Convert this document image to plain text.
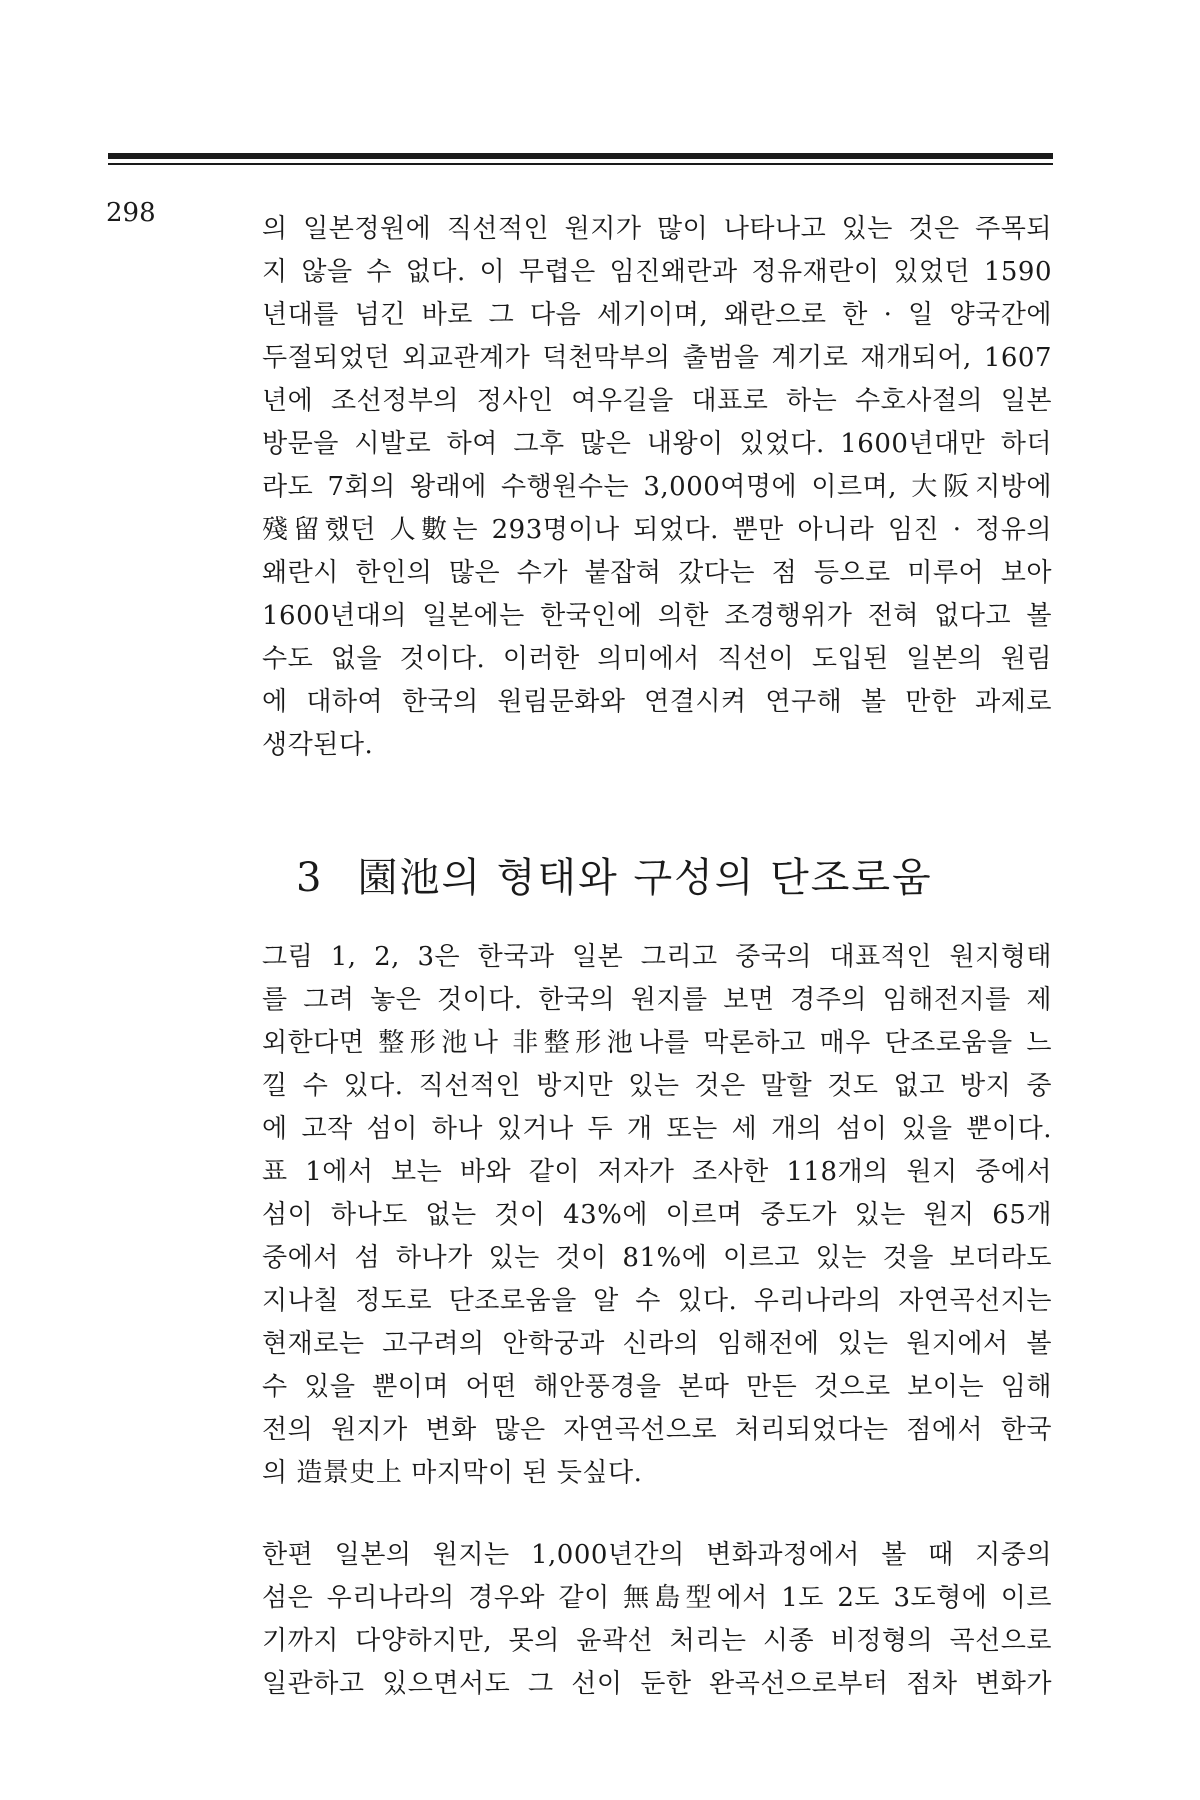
298
의 일본정원에 직선적인 원지가 많이 나타나고 있는 것은 주목되
지 않을 수 없다. 이 무렵은 임진왜란과 정유재란이 있었던 1590
년대를 넘긴 바로 그 다음 세기이며, 왜란으로 한 · 일 양국간에
두절되었던 외교관계가 덕천막부의 출범을 계기로 재개되어, 1607
년에 조선정부의 정사인 여우길을 대표로 하는 수호사절의 일본
방문을 시발로 하여 그후 많은 내왕이 있었다. 1600년대만 하더
라도 7회의 왕래에 수행원수는 3,000여명에 이르며, 大阪지방에
殘留했던 人數는 293명이나 되었다. 뿐만 아니라 임진 · 정유의
왜란시 한인의 많은 수가 붙잡혀 갔다는 점 등으로 미루어 보아
1600년대의 일본에는 한국인에 의한 조경행위가 전혀 없다고 볼
수도 없을 것이다. 이러한 의미에서 직선이 도입된 일본의 원림
에 대하여 한국의 원림문화와 연결시켜 연구해 볼 만한 과제로
생각된다.
3 園池의 형태와 구성의 단조로움
그림 1, 2, 3은 한국과 일본 그리고 중국의 대표적인 원지형태
를 그려 놓은 것이다. 한국의 원지를 보면 경주의 임해전지를 제
외한다면 整形池나 非整形池나를 막론하고 매우 단조로움을 느
낄 수 있다. 직선적인 방지만 있는 것은 말할 것도 없고 방지 중
에 고작 섬이 하나 있거나 두 개 또는 세 개의 섬이 있을 뿐이다.
표 1에서 보는 바와 같이 저자가 조사한 118개의 원지 중에서
섬이 하나도 없는 것이 43%에 이르며 중도가 있는 원지 65개
중에서 섬 하나가 있는 것이 81%에 이르고 있는 것을 보더라도
지나칠 정도로 단조로움을 알 수 있다. 우리나라의 자연곡선지는
현재로는 고구려의 안학궁과 신라의 임해전에 있는 원지에서 볼
수 있을 뿐이며 어떤 해안풍경을 본따 만든 것으로 보이는 임해
전의 원지가 변화 많은 자연곡선으로 처리되었다는 점에서 한국
의 造景史上 마지막이 된 듯싶다.
한편 일본의 원지는 1,000년간의 변화과정에서 볼 때 지중의
섬은 우리나라의 경우와 같이 無島型에서 1도 2도 3도형에 이르
기까지 다양하지만, 못의 윤곽선 처리는 시종 비정형의 곡선으로
일관하고 있으면서도 그 선이 둔한 완곡선으로부터 점차 변화가
